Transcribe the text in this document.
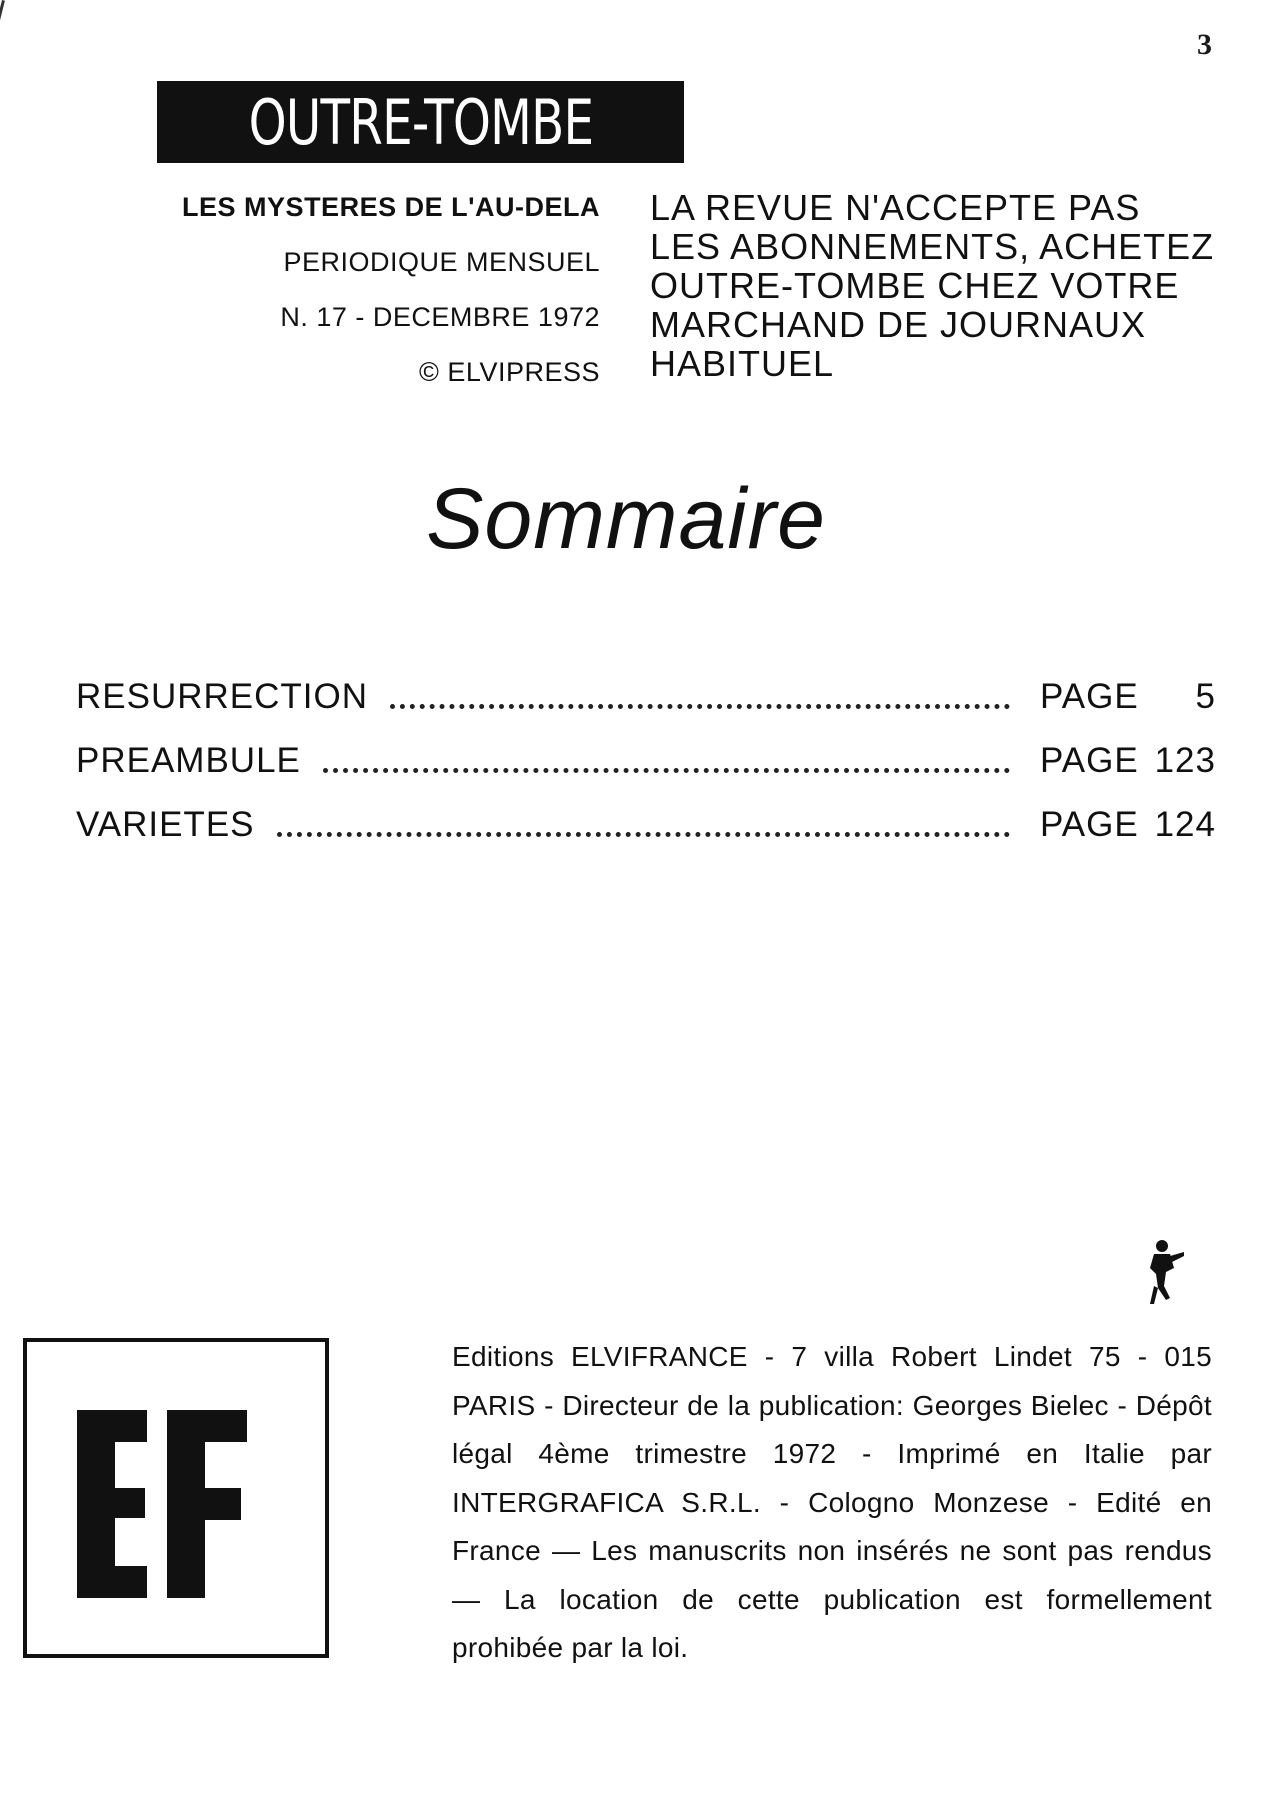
3
OUTRE-TOMBE
LES MYSTERES DE L'AU-DELA
PERIODIQUE MENSUEL
N. 17 - DECEMBRE 1972
© ELVIPRESS
LA REVUE N'ACCEPTE PAS
LES ABONNEMENTS, ACHETEZ
OUTRE-TOMBE CHEZ VOTRE
MARCHAND DE JOURNAUX
HABITUEL
Sommaire
RESURRECTION	PAGE 5
PREAMBULE	PAGE 123
VARIETES	PAGE 124
Editions ELVIFRANCE - 7 villa Robert Lindet 75 - 015 PARIS - Directeur de la publication: Georges Bielec - Dépôt légal 4ème trimestre 1972 - Imprimé en Italie par INTERGRAFICA S.R.L. - Cologno Monzese - Edité en France — Les manuscrits non insérés ne sont pas rendus — La location de cette publication est formellement prohibée par la loi.
